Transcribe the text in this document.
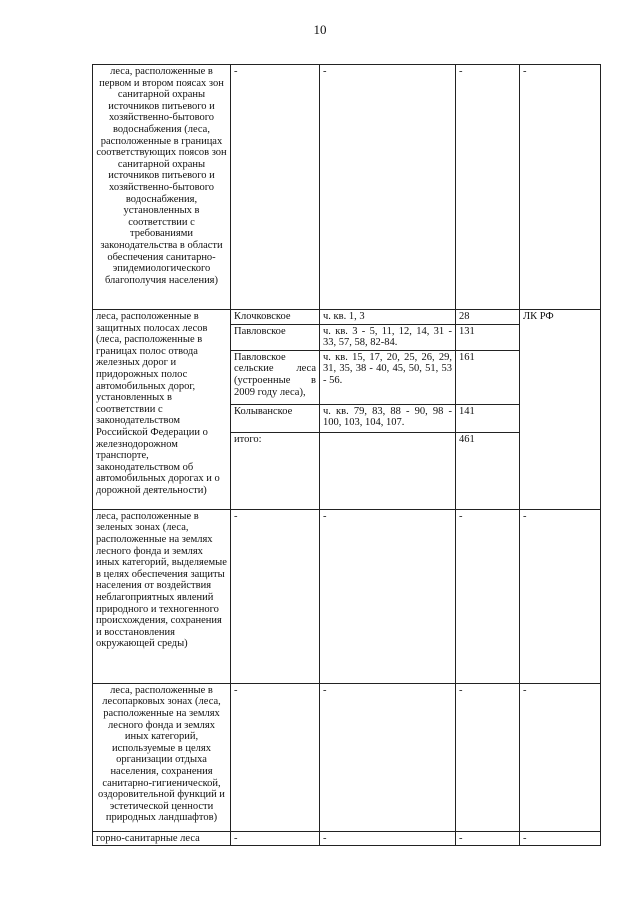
10
леса, расположенные в первом и втором поясах зон санитарной охраны источников питьевого и хозяйственно-бытового водоснабжения (леса, расположенные в границах соответствующих поясов зон санитарной охраны источников питьевого и хозяйственно-бытового водоснабжения, установленных в соответствии с требованиями законодательства в области обеспечения санитарно-эпидемиологического благополучия населения)	-	-	-	-
леса, расположенные в защитных полосах лесов (леса, расположенные в границах полос отвода железных дорог и придорожных полос автомобильных дорог, установленных в соответствии с законодательством Российской Федерации о железнодорожном транспорте, законодательством об автомобильных дорогах и о дорожной деятельности)	Клочковское	ч. кв. 1, 3	28	ЛК РФ
	Павловское	ч. кв. 3 - 5, 11, 12, 14, 31 - 33, 57, 58, 82-84.	131	
	Павловское сельские леса (устроенные в 2009 году леса),	ч. кв. 15, 17, 20, 25, 26, 29, 31, 35, 38 - 40, 45, 50, 51, 53 - 56.	161	
	Колыванское	ч. кв. 79, 83, 88 - 90, 98 - 100, 103, 104, 107.	141	
	итого:		461	
леса, расположенные в зеленых зонах (леса, расположенные на землях лесного фонда и землях иных категорий, выделяемые в целях обеспечения защиты населения от воздействия неблагоприятных явлений природного и техногенного происхождения, сохранения и восстановления окружающей среды)	-	-	-	-
леса, расположенные в лесопарковых зонах (леса, расположенные на землях лесного фонда и землях иных категорий, используемые в целях организации отдыха населения, сохранения санитарно-гигиенической, оздоровительной функций и эстетической ценности природных ландшафтов)	-	-	-	-
горно-санитарные леса	-	-	-	-
